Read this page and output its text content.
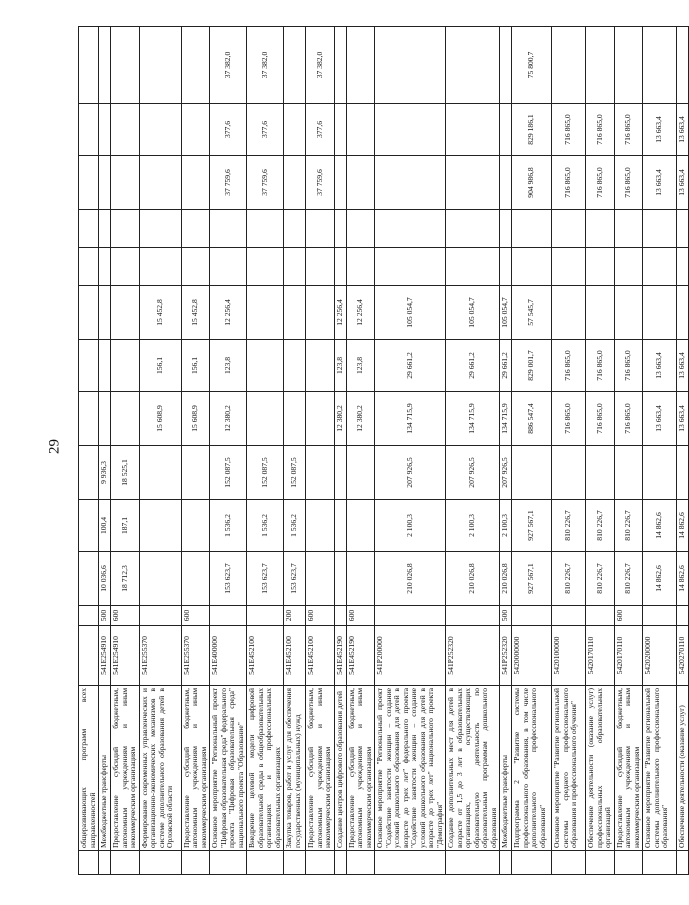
29
	общеразвивающих программ всех направленностей													
	Межбюджетные трансферты	541E254910	500	10 036,6	100,4	9 936,3								
	Предоставление субсидий бюджетным, автономным учреждениям и иным некоммерческим организациям	541E254910	600	18 712,3	187,1	18 525,1								
	Формирование современных управленческих и организационно-экономических механизмов в системе дополнительного образования детей в Орловской области	541E255370					15 608,9	156,1	15 452,8					
	Предоставление субсидий бюджетным, автономным учреждениям и иным некоммерческим организациям	541E255370	600				15 608,9	156,1	15 452,8					
	Основное мероприятие "Региональный проект "Цифровая образовательная среда" федерального проекта "Цифровая образовательная среда" национального проекта "Образование"	541E400000		153 623,7	1 536,2	152 087,5	12 380,2	123,8	12 256,4			37 759,6	377,6	37 382,0
	Внедрение целевой модели цифровой образовательной среды в общеобразовательных организациях и профессиональных образовательных организациях	541E452100		153 623,7	1 536,2	152 087,5						37 759,6	377,6	37 382,0
	Закупка товаров, работ и услуг для обеспечения государственных (муниципальных) нужд	541E452100	200	153 623,7	1 536,2	152 087,5								
	Предоставление субсидий бюджетным, автономным учреждениям и иным некоммерческим организациям	541E452100	600									37 759,6	377,6	37 382,0
	Создание центров цифрового образования детей	541E452190					12 380,2	123,8	12 256,4					
	Предоставление субсидий бюджетным, автономным учреждениям и иным некоммерческим организациям	541E452190	600				12 380,2	123,8	12 256,4					
	Основное мероприятие "Региональный проект "Содействие занятости женщин – создание условий дошкольного образования для детей в возрасте до трех лет" федерального проекта "Содействие занятости женщин – создание условий дошкольного образования для детей в возрасте до трех лет" национального проекта "Демография"	541P200000		210 026,8	2 100,3	207 926,5	134 715,9	29 661,2	105 054,7					
	Создание дополнительных мест для детей в возрасте от 1,5 до 3 лет в образовательных организациях, осуществляющих образовательную деятельность по образовательным программам дошкольного образования	541P252320		210 026,8	2 100,3	207 926,5	134 715,9	29 661,2	105 054,7					
	Межбюджетные трансферты	541P252320	500	210 026,8	2 100,3	207 926,5	134 715,9	29 661,2	105 054,7					
	Подпрограмма 2 "Развитие системы профессионального образования, в том числе дополнительного профессионального образования"	5420000000		927 567,1	927 567,1		886 547,4	829 001,7	57 545,7			904 986,8	829 186,1	75 800,7
	Основное мероприятие "Развитие региональной системы среднего профессионального образования и профессионального обучения"	5420100000		810 226,7	810 226,7		716 865,0	716 865,0				716 865,0	716 865,0	
	Обеспечение деятельности (оказание услуг) профессиональных образовательных организаций	5420170110		810 226,7	810 226,7		716 865,0	716 865,0				716 865,0	716 865,0	
	Предоставление субсидий бюджетным, автономным учреждениям и иным некоммерческим организациям	5420170110	600	810 226,7	810 226,7		716 865,0	716 865,0				716 865,0	716 865,0	
	Основное мероприятие "Развитие региональной системы дополнительного профессионального образования"	5420200000		14 862,6	14 862,6		13 663,4	13 663,4				13 663,4	13 663,4	
	Обеспечение деятельности (оказание услуг)	5420270110		14 862,6	14 862,6		13 663,4	13 663,4				13 663,4	13 663,4	
